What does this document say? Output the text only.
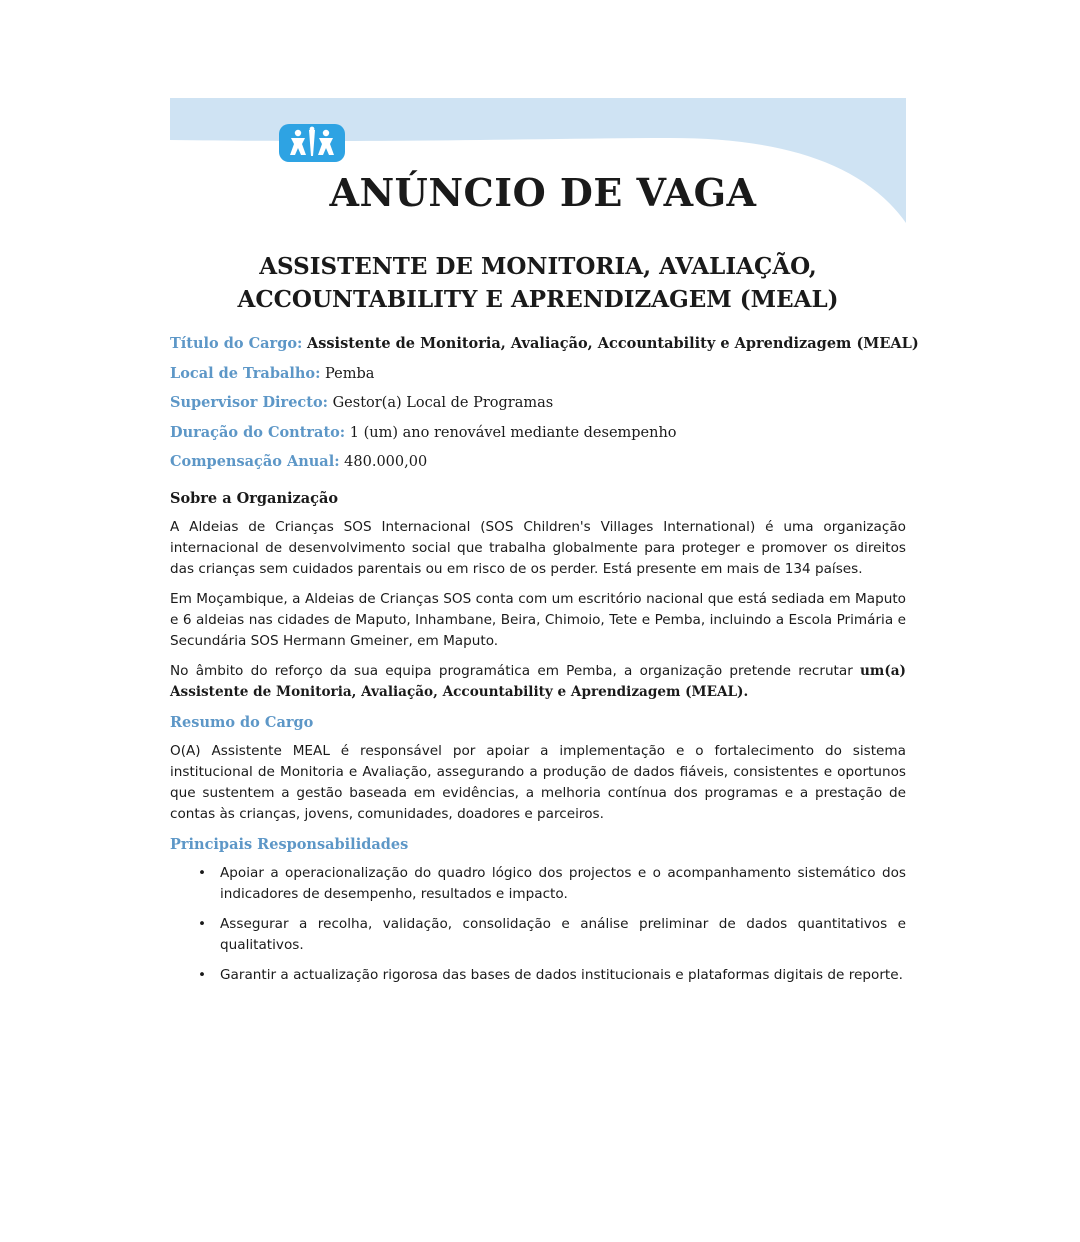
ANÚNCIO DE VAGA
ASSISTENTE DE MONITORIA, AVALIAÇÃO,
ACCOUNTABILITY E APRENDIZAGEM (MEAL)
Título do Cargo: Assistente de Monitoria, Avaliação, Accountability e Aprendizagem (MEAL)
Local de Trabalho: Pemba
Supervisor Directo: Gestor(a) Local de Programas
Duração do Contrato: 1 (um) ano renovável mediante desempenho
Compensação Anual: 480.000,00
Sobre a Organização

A Aldeias de Crianças SOS Internacional (SOS Children's Villages International) é uma organização internacional de desenvolvimento social que trabalha globalmente para proteger e promover os direitos das crianças sem cuidados parentais ou em risco de os perder. Está presente em mais de 134 países.

Em Moçambique, a Aldeias de Crianças SOS conta com um escritório nacional que está sediada em Maputo e 6 aldeias nas cidades de Maputo, Inhambane, Beira, Chimoio, Tete e Pemba, incluindo a Escola Primária e Secundária SOS Hermann Gmeiner, em Maputo.

No âmbito do reforço da sua equipa programática em Pemba, a organização pretende recrutar um(a) Assistente de Monitoria, Avaliação, Accountability e Aprendizagem (MEAL).

Resumo do Cargo

O(A) Assistente MEAL é responsável por apoiar a implementação e o fortalecimento do sistema institucional de Monitoria e Avaliação, assegurando a produção de dados fiáveis, consistentes e oportunos que sustentem a gestão baseada em evidências, a melhoria contínua dos programas e a prestação de contas às crianças, jovens, comunidades, doadores e parceiros.

Principais Responsabilidades
• Apoiar a operacionalização do quadro lógico dos projectos e o acompanhamento sistemático dos indicadores de desempenho, resultados e impacto.
• Assegurar a recolha, validação, consolidação e análise preliminar de dados quantitativos e qualitativos.
• Garantir a actualização rigorosa das bases de dados institucionais e plataformas digitais de reporte.
